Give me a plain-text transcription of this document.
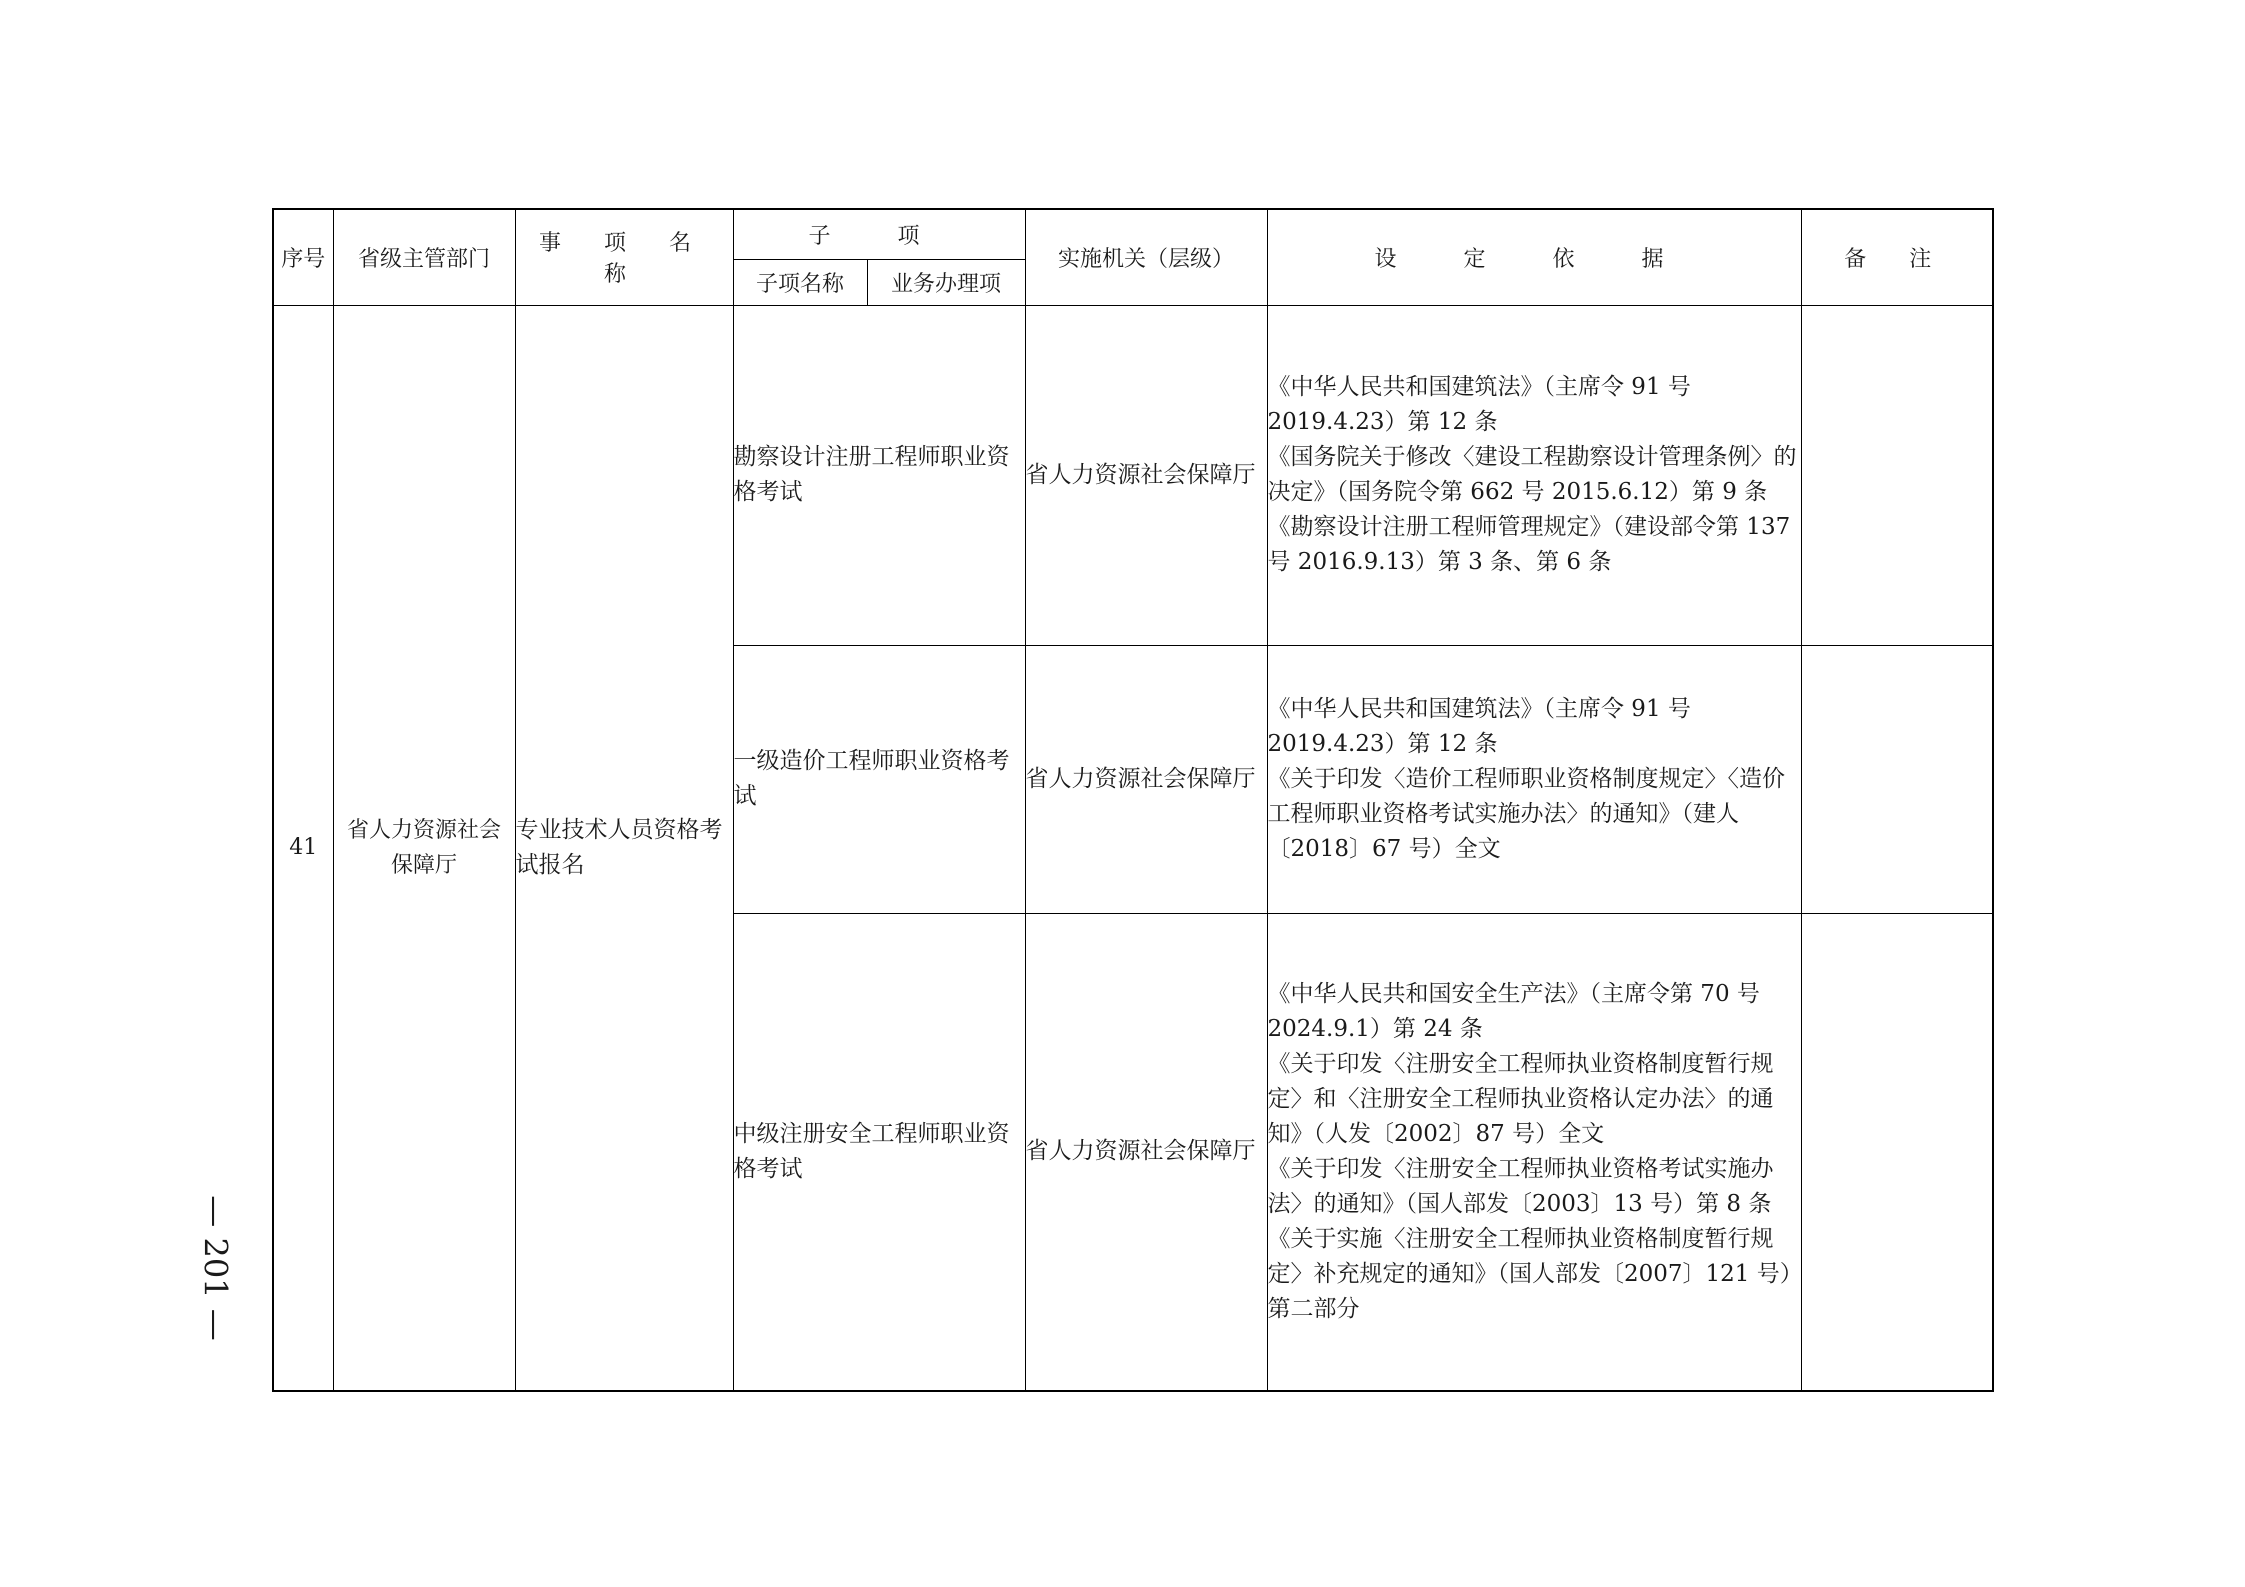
— 201 —
序号	省级主管部门	事 项 名 称	子 项		实施机关（层级）	设 定 依 据	备 注
			子项名称	业务办理项			
41	省人力资源社会保障厅	专业技术人员资格考试报名	勘察设计注册工程师职业资格考试		省人力资源社会保障厅	《中华人民共和国建筑法》（主席令 91 号 2019.4.23）第 12 条
《国务院关于修改〈建设工程勘察设计管理条例〉的决定》（国务院令第 662 号 2015.6.12）第 9 条
《勘察设计注册工程师管理规定》（建设部令第 137 号 2016.9.13）第 3 条、第 6 条	

			一级造价工程师职业资格考试		省人力资源社会保障厅	《中华人民共和国建筑法》（主席令 91 号 2019.4.23）第 12 条
《关于印发〈造价工程师职业资格制度规定〉〈造价工程师职业资格考试实施办法〉的通知》（建人〔2018〕67 号）全文	

			中级注册安全工程师职业资格考试		省人力资源社会保障厅	《中华人民共和国安全生产法》（主席令第 70 号 2024.9.1）第 24 条
《关于印发〈注册安全工程师执业资格制度暂行规定〉和〈注册安全工程师执业资格认定办法〉的通知》（人发〔2002〕87 号）全文
《关于印发〈注册安全工程师执业资格考试实施办法〉的通知》（国人部发〔2003〕13 号）第 8 条
《关于实施〈注册安全工程师执业资格制度暂行规定〉补充规定的通知》（国人部发〔2007〕121 号）第二部分	
